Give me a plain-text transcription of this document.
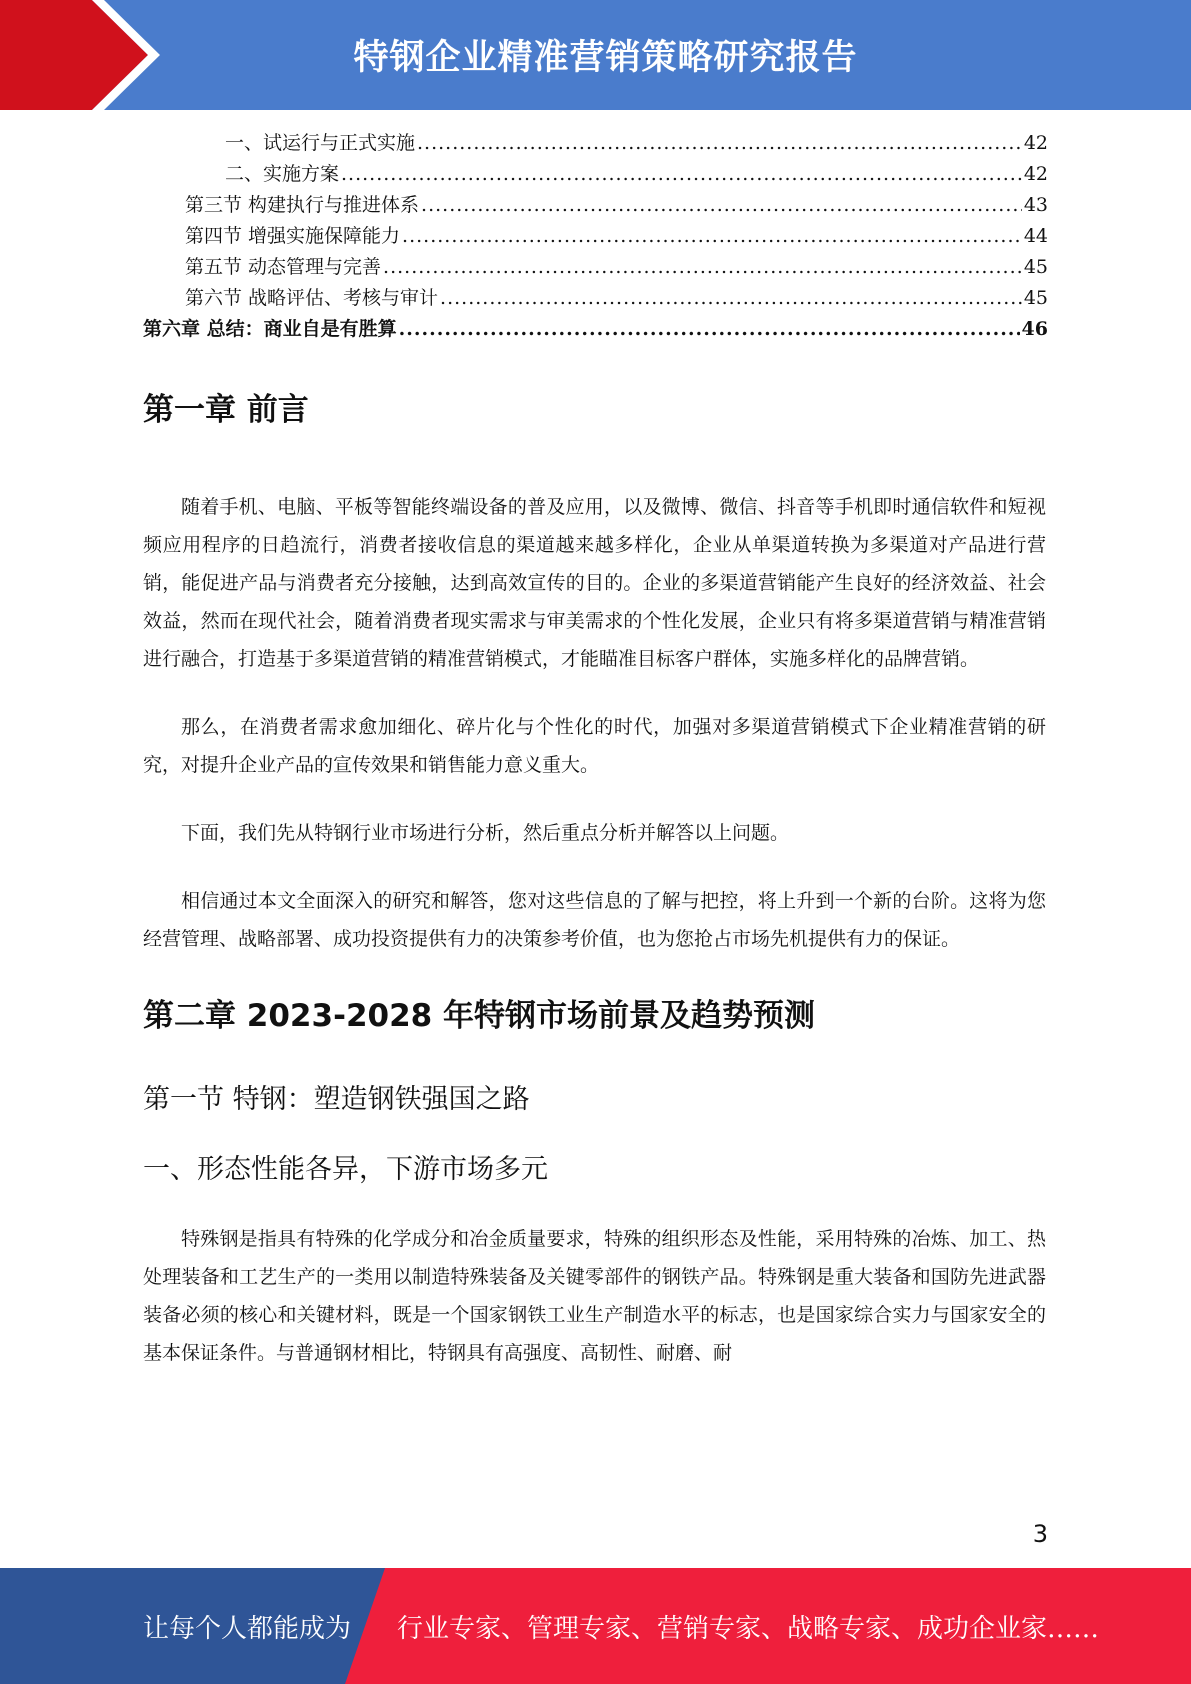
特钢企业精准营销策略研究报告
一、试运行与正式实施 .....	42
二、实施方案 .....	42
第三节 构建执行与推进体系 .....	43
第四节 增强实施保障能力 .....	44
第五节 动态管理与完善 .....	45
第六节 战略评估、考核与审计 .....	45
第六章 总结：商业自是有胜算 .....	46
第一章 前言

随着手机、电脑、平板等智能终端设备的普及应用，以及微博、微信、抖音等手机即时通信软件和短视频应用程序的日趋流行，消费者接收信息的渠道越来越多样化，企业从单渠道转换为多渠道对产品进行营销，能促进产品与消费者充分接触，达到高效宣传的目的。企业的多渠道营销能产生良好的经济效益、社会效益，然而在现代社会，随着消费者现实需求与审美需求的个性化发展，企业只有将多渠道营销与精准营销进行融合，打造基于多渠道营销的精准营销模式，才能瞄准目标客户群体，实施多样化的品牌营销。

那么，在消费者需求愈加细化、碎片化与个性化的时代，加强对多渠道营销模式下企业精准营销的研究，对提升企业产品的宣传效果和销售能力意义重大。

下面，我们先从特钢行业市场进行分析，然后重点分析并解答以上问题。

相信通过本文全面深入的研究和解答，您对这些信息的了解与把控，将上升到一个新的台阶。这将为您经营管理、战略部署、成功投资提供有力的决策参考价值，也为您抢占市场先机提供有力的保证。

第二章 2023-2028 年特钢市场前景及趋势预测
第一节 特钢：塑造钢铁强国之路
一、形态性能各异，下游市场多元

特殊钢是指具有特殊的化学成分和冶金质量要求，特殊的组织形态及性能，采用特殊的冶炼、加工、热处理装备和工艺生产的一类用以制造特殊装备及关键零部件的钢铁产品。特殊钢是重大装备和国防先进武器装备必须的核心和关键材料，既是一个国家钢铁工业生产制造水平的标志，也是国家综合实力与国家安全的基本保证条件。与普通钢材相比，特钢具有高强度、高韧性、耐磨、耐

3
让每个人都能成为 行业专家、管理专家、营销专家、战略专家、成功企业家……
